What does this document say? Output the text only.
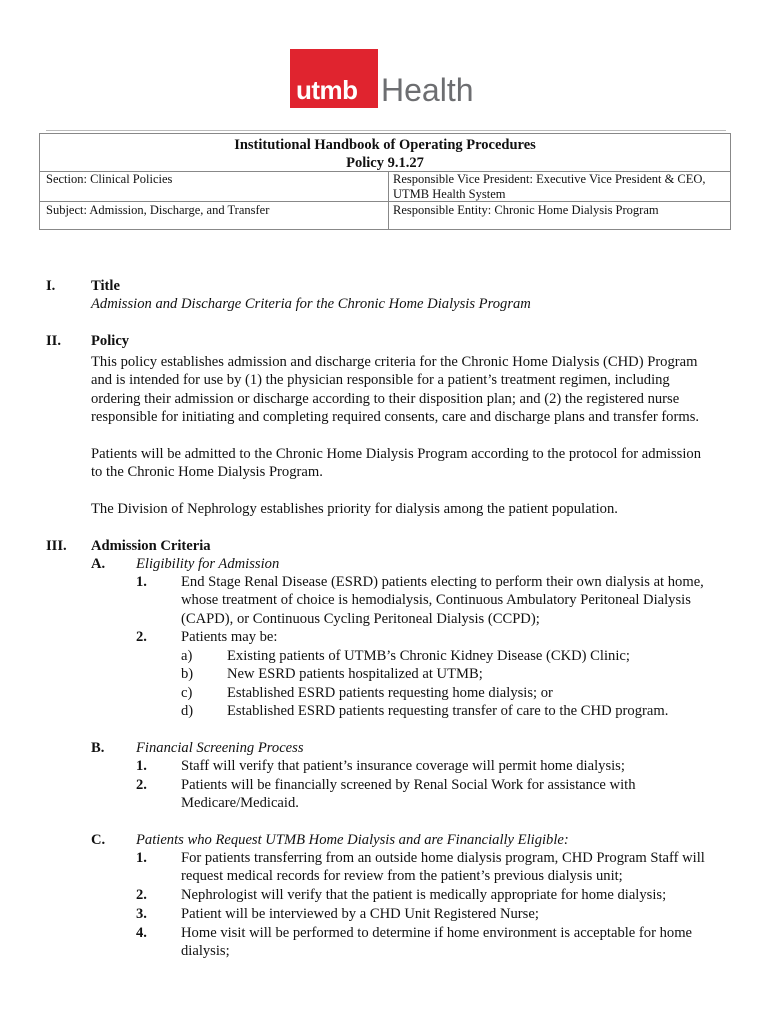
utmb Health
Institutional Handbook of Operating Procedures
Policy 9.1.27
Section: Clinical Policies	Responsible Vice President: Executive Vice President & CEO,
UTMB Health System
Subject: Admission, Discharge, and Transfer	Responsible Entity: Chronic Home Dialysis Program
I. Title
Admission and Discharge Criteria for the Chronic Home Dialysis Program
II. Policy
This policy establishes admission and discharge criteria for the Chronic Home Dialysis (CHD) Program
and is intended for use by (1) the physician responsible for a patient’s treatment regimen, including
ordering their admission or discharge according to their disposition plan; and (2) the registered nurse
responsible for initiating and completing required consents, care and discharge plans and transfer forms.
Patients will be admitted to the Chronic Home Dialysis Program according to the protocol for admission
to the Chronic Home Dialysis Program.
The Division of Nephrology establishes priority for dialysis among the patient population.
III. Admission Criteria
A. Eligibility for Admission
1. End Stage Renal Disease (ESRD) patients electing to perform their own dialysis at home,
whose treatment of choice is hemodialysis, Continuous Ambulatory Peritoneal Dialysis
(CAPD), or Continuous Cycling Peritoneal Dialysis (CCPD);
2. Patients may be:
a) Existing patients of UTMB’s Chronic Kidney Disease (CKD) Clinic;
b) New ESRD patients hospitalized at UTMB;
c) Established ESRD patients requesting home dialysis; or
d) Established ESRD patients requesting transfer of care to the CHD program.
B. Financial Screening Process
1. Staff will verify that patient’s insurance coverage will permit home dialysis;
2. Patients will be financially screened by Renal Social Work for assistance with
Medicare/Medicaid.
C. Patients who Request UTMB Home Dialysis and are Financially Eligible:
1. For patients transferring from an outside home dialysis program, CHD Program Staff will
request medical records for review from the patient’s previous dialysis unit;
2. Nephrologist will verify that the patient is medically appropriate for home dialysis;
3. Patient will be interviewed by a CHD Unit Registered Nurse;
4. Home visit will be performed to determine if home environment is acceptable for home
dialysis;
